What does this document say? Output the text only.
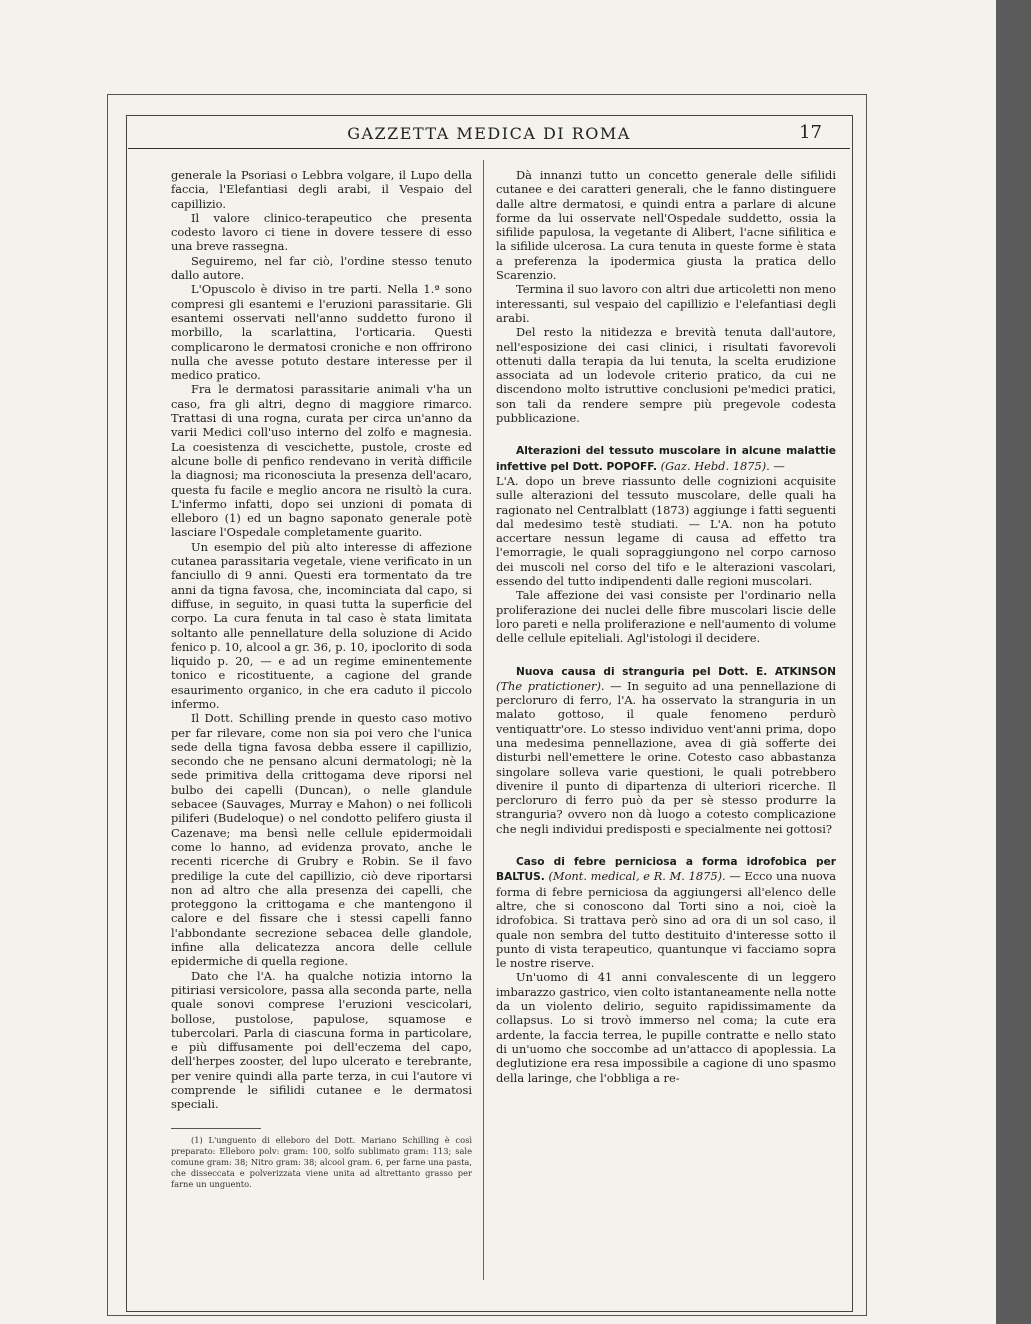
GAZZETTA MEDICA DI ROMA	17

generale la Psoriasi o Lebbra volgare, il Lupo della faccia, l'Elefantiasi degli arabi, il Vespaio del capillizio.

Il valore clinico-terapeutico che presenta codesto lavoro ci tiene in dovere tessere di esso una breve rassegna.

Seguiremo, nel far ciò, l'ordine stesso tenuto dallo autore.

L'Opuscolo è diviso in tre parti. Nella 1.ª sono compresi gli esantemi e l'eruzioni parassitarie. Gli esantemi osservati nell'anno suddetto furono il morbillo, la scarlattina, l'orticaria. Questi complicarono le dermatosi croniche e non offrirono nulla che avesse potuto destare interesse per il medico pratico.

Fra le dermatosi parassitarie animali v'ha un caso, fra gli altri, degno di maggiore rimarco. Trattasi di una rogna, curata per circa un'anno da varii Medici coll'uso interno del zolfo e magnesia. La coesistenza di vescichette, pustole, croste ed alcune bolle di penfico rendevano in verità difficile la diagnosi; ma riconosciuta la presenza dell'acaro, questa fu facile e meglio ancora ne risultò la cura. L'infermo infatti, dopo sei unzioni di pomata di elleboro (1) ed un bagno saponato generale potè lasciare l'Ospedale completamente guarito.

Un esempio del più alto interesse di affezione cutanea parassitaria vegetale, viene verificato in un fanciullo di 9 anni. Questi era tormentato da tre anni da tigna favosa, che, incominciata dal capo, si diffuse, in seguito, in quasi tutta la superficie del corpo. La cura fenuta in tal caso è stata limitata soltanto alle pennellature della soluzione di Acido fenico p. 10, alcool a gr. 36, p. 10, ipoclorito di soda liquido p. 20, — e ad un regime eminentemente tonico e ricostituente, a cagione del grande esaurimento organico, in che era caduto il piccolo infermo.

Il Dott. Schilling prende in questo caso motivo per far rilevare, come non sia poi vero che l'unica sede della tigna favosa debba essere il capillizio, secondo che ne pensano alcuni dermatologi; nè la sede primitiva della crittogama deve riporsi nel bulbo dei capelli (Duncan), o nelle glandule sebacee (Sauvages, Murray e Mahon) o nei follicoli piliferi (Budeloque) o nel condotto pelifero giusta il Cazenave; ma bensì nelle cellule epidermoidali come lo hanno, ad evidenza provato, anche le recenti ricerche di Grubry e Robin. Se il favo predilige la cute del capillizio, ciò deve riportarsi non ad altro che alla presenza dei capelli, che proteggono la crittogama e che mantengono il calore e del fissare che i stessi capelli fanno l'abbondante secrezione sebacea delle glandole, infine alla delicatezza ancora delle cellule epidermiche di quella regione.

Dato che l'A. ha qualche notizia intorno la pitiriasi versicolore, passa alla seconda parte, nella quale sonovi comprese l'eruzioni vescicolari, bollose, pustolose, papulose, squamose e tubercolari. Parla di ciascuna forma in particolare, e più diffusamente poi dell'eczema del capo, dell'herpes zooster, del lupo ulcerato e terebrante, per venire quindi alla parte terza, in cui l'autore vi comprende le sifilidi cutanee e le dermatosi speciali.

(1) L'unguento di elleboro del Dott. Mariano Schilling è così preparato: Elleboro polv: gram: 100, solfo sublimato gram: 113; sale comune gram: 38; Nitro gram: 38; alcool gram. 6, per farne una pasta, che disseccata e polverizzata viene unita ad altrettanto grasso per farne un unguento.

Dà innanzi tutto un concetto generale delle sifilidi cutanee e dei caratteri generali, che le fanno distinguere dalle altre dermatosi, e quindi entra a parlare di alcune forme da lui osservate nell'Ospedale suddetto, ossia la sifilide papulosa, la vegetante di Alibert, l'acne sifilitica e la sifilide ulcerosa. La cura tenuta in queste forme è stata a preferenza la ipodermica giusta la pratica dello Scarenzio.

Termina il suo lavoro con altri due articoletti non meno interessanti, sul vespaio del capillizio e l'elefantiasi degli arabi.

Del resto la nitidezza e brevità tenuta dall'autore, nell'esposizione dei casi clinici, i risultati favorevoli ottenuti dalla terapia da lui tenuta, la scelta erudizione associata ad un lodevole criterio pratico, da cui ne discendono molto istruttive conclusioni pe'medici pratici, son tali da rendere sempre più pregevole codesta pubblicazione.

Alterazioni del tessuto muscolare in alcune malattie infettive pel Dott. POPOFF. (Gaz. Hebd. 1875). —

L'A. dopo un breve riassunto delle cognizioni acquisite sulle alterazioni del tessuto muscolare, delle quali ha ragionato nel Centralblatt (1873) aggiunge i fatti seguenti dal medesimo testè studiati. — L'A. non ha potuto accertare nessun legame di causa ad effetto tra l'emorragie, le quali sopraggiungono nel corpo carnoso dei muscoli nel corso del tifo e le alterazioni vascolari, essendo del tutto indipendenti dalle regioni muscolari.

Tale affezione dei vasi consiste per l'ordinario nella proliferazione dei nuclei delle fibre muscolari liscie delle loro pareti e nella proliferazione e nell'aumento di volume delle cellule epiteliali. Agl'istologi il decidere.

Nuova causa di stranguria pel Dott. E. ATKINSON (The pratictioner). — In seguito ad una pennellazione di percloruro di ferro, l'A. ha osservato la stranguria in un malato gottoso, il quale fenomeno perdurò ventiquattr'ore. Lo stesso individuo vent'anni prima, dopo una medesima pennellazione, avea di già sofferte dei disturbi nell'emettere le orine. Cotesto caso abbastanza singolare solleva varie questioni, le quali potrebbero divenire il punto di dipartenza di ulteriori ricerche. Il percloruro di ferro può da per sè stesso produrre la stranguria? ovvero non dà luogo a cotesto complicazione che negli individui predisposti e specialmente nei gottosi?

Caso di febre perniciosa a forma idrofobica per BALTUS. (Mont. medical, e R. M. 1875). — Ecco una nuova forma di febre perniciosa da aggiungersi all'elenco delle altre, che si conoscono dal Torti sino a noi, cioè la idrofobica. Si trattava però sino ad ora di un sol caso, il quale non sembra del tutto destituito d'interesse sotto il punto di vista terapeutico, quantunque vi facciamo sopra le nostre riserve.

Un'uomo di 41 anni convalescente di un leggero imbarazzo gastrico, vien colto istantaneamente nella notte da un violento delirio, seguito rapidissimamente da collapsus. Lo si trovò immerso nel coma; la cute era ardente, la faccia terrea, le pupille contratte e nello stato di un'uomo che soccombe ad un'attacco di apoplessia. La deglutizione era resa impossibile a cagione di uno spasmo della laringe, che l'obbliga a re-
